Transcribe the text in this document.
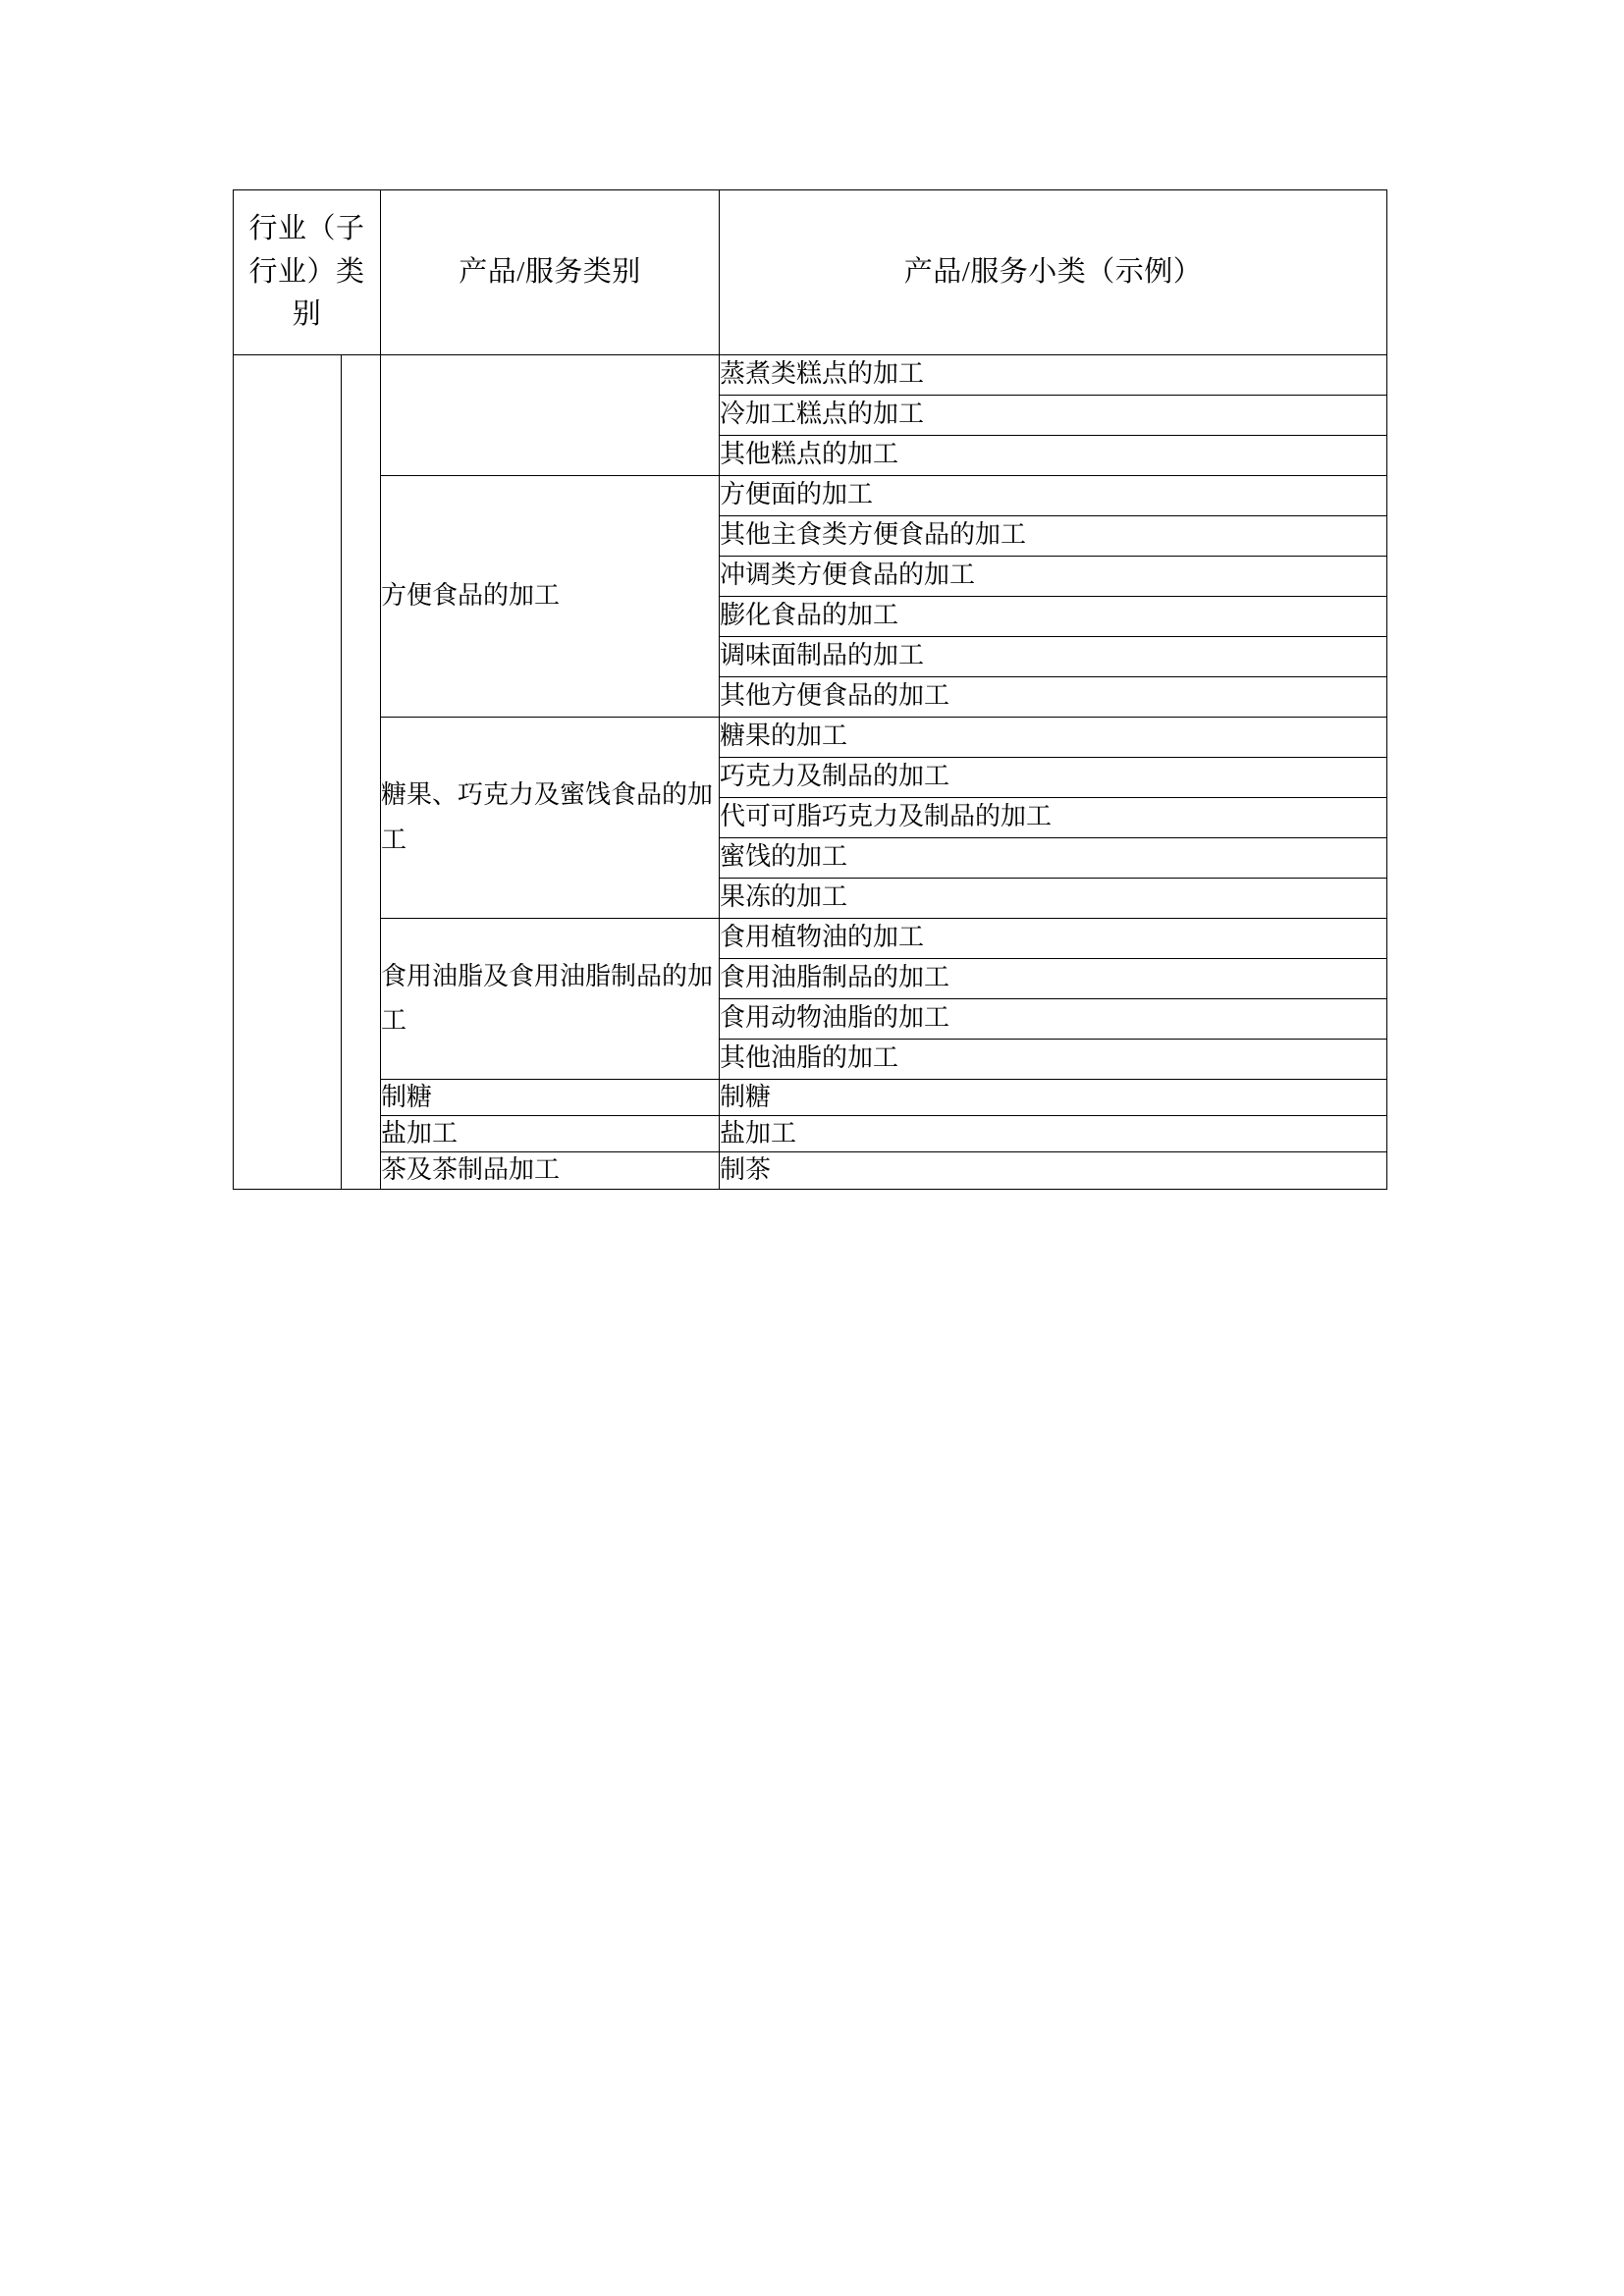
行业（子行业）类别		产品/服务类别	产品/服务小类（示例）
			蒸煮类糕点的加工
			冷加工糕点的加工
			其他糕点的加工
		方便食品的加工	方便面的加工
			其他主食类方便食品的加工
			冲调类方便食品的加工
			膨化食品的加工
			调味面制品的加工
			其他方便食品的加工
		糖果、巧克力及蜜饯食品的加工	糖果的加工
			巧克力及制品的加工
			代可可脂巧克力及制品的加工
			蜜饯的加工
			果冻的加工
		食用油脂及食用油脂制品的加工	食用植物油的加工
			食用油脂制品的加工
			食用动物油脂的加工
			其他油脂的加工
		制糖	制糖
		盐加工	盐加工
		茶及茶制品加工	制茶
